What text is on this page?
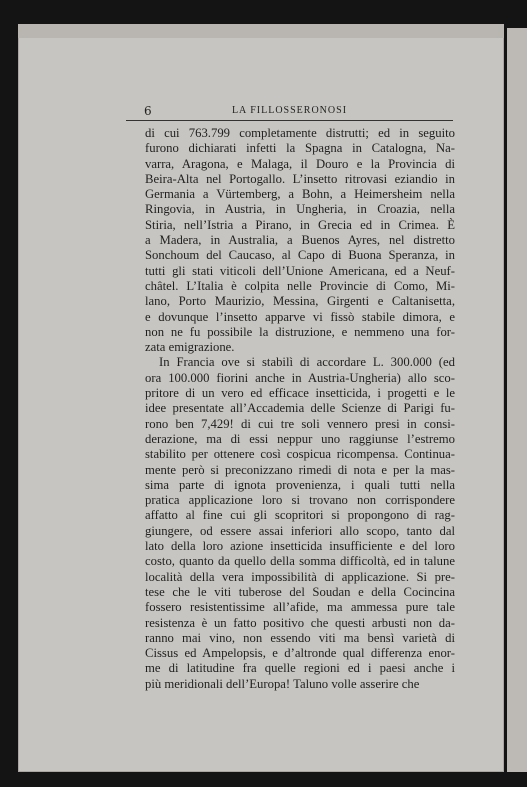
6	LA FILLOSSERONOSI
di cui 763.799 completamente distrutti; ed in seguito
furono dichiarati infetti la Spagna in Catalogna, Na-
varra, Aragona, e Malaga, il Douro e la Provincia di
Beira-Alta nel Portogallo. L’insetto ritrovasi eziandio in
Germania a Vürtemberg, a Bohn, a Heimersheim nella
Ringovia, in Austria, in Ungheria, in Croazia, nella
Stiria, nell’Istria a Pirano, in Grecia ed in Crimea. È
a Madera, in Australia, a Buenos Ayres, nel distretto
Sonchoum del Caucaso, al Capo di Buona Speranza, in
tutti gli stati viticoli dell’Unione Americana, ed a Neuf-
châtel. L’Italia è colpita nelle Provincie di Como, Mi-
lano, Porto Maurizio, Messina, Girgenti e Caltanisetta,
e dovunque l’insetto apparve vi fissò stabile dimora, e
non ne fu possibile la distruzione, e nemmeno una for-
zata emigrazione.
In Francia ove si stabilì di accordare L. 300.000 (ed
ora 100.000 fiorini anche in Austria-Ungheria) allo sco-
pritore di un vero ed efficace insetticida, i progetti e le
idee presentate all’Accademia delle Scienze di Parigi fu-
rono ben 7,429! di cui tre soli vennero presi in consi-
derazione, ma di essi neppur uno raggiunse l’estremo
stabilito per ottenere così cospicua ricompensa. Continua-
mente però si preconizzano rimedi di nota e per la mas-
sima parte di ignota provenienza, i quali tutti nella
pratica applicazione loro si trovano non corrispondere
affatto al fine cui gli scopritori si propongono di rag-
giungere, od essere assai inferiori allo scopo, tanto dal
lato della loro azione insetticida insufficiente e del loro
costo, quanto da quello della somma difficoltà, ed in talune
località della vera impossibilità di applicazione. Si pre-
tese che le viti tuberose del Soudan e della Cocincina
fossero resistentissime all’afide, ma ammessa pure tale
resistenza è un fatto positivo che questi arbusti non da-
ranno mai vino, non essendo viti ma bensì varietà di
Cissus ed Ampelopsis, e d’altronde qual differenza enor-
me di latitudine fra quelle regioni ed i paesi anche i
più meridionali dell’Europa! Taluno volle asserire che
